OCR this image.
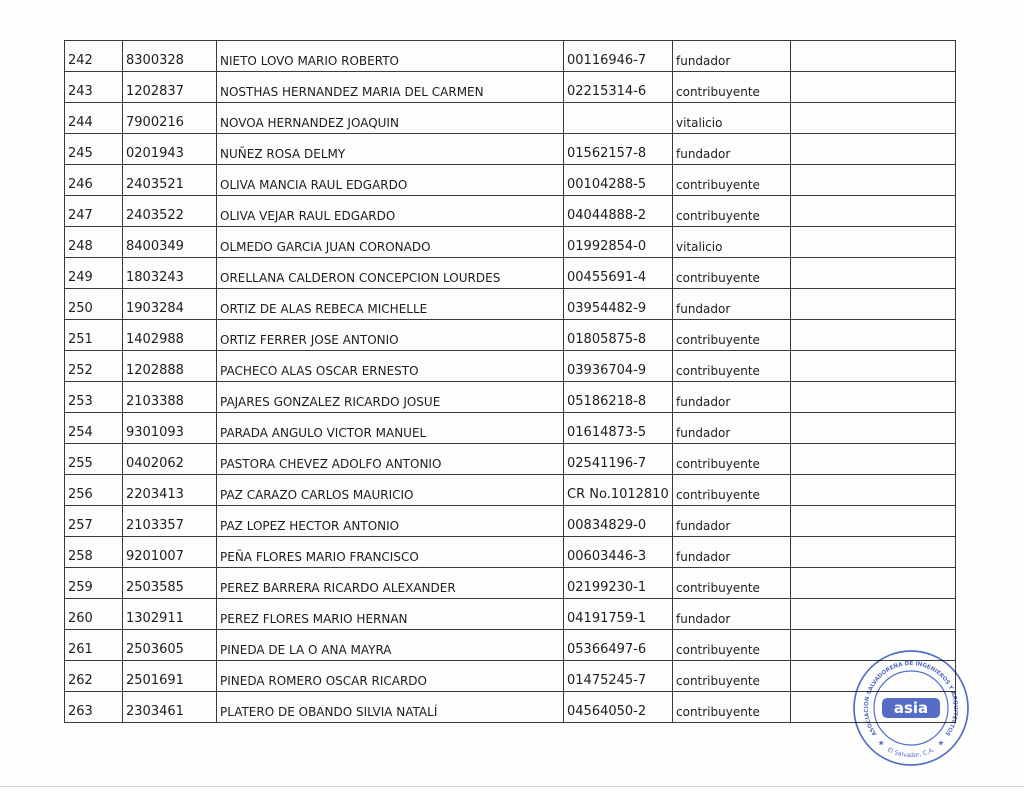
242	8300328	NIETO LOVO MARIO ROBERTO	00116946-7	fundador	
243	1202837	NOSTHAS HERNANDEZ MARIA DEL CARMEN	02215314-6	contribuyente	
244	7900216	NOVOA HERNANDEZ JOAQUIN		vitalicio	
245	0201943	NUÑEZ ROSA DELMY	01562157-8	fundador	
246	2403521	OLIVA MANCIA RAUL EDGARDO	00104288-5	contribuyente	
247	2403522	OLIVA VEJAR RAUL EDGARDO	04044888-2	contribuyente	
248	8400349	OLMEDO GARCIA JUAN CORONADO	01992854-0	vitalicio	
249	1803243	ORELLANA CALDERON CONCEPCION LOURDES	00455691-4	contribuyente	
250	1903284	ORTIZ DE ALAS REBECA MICHELLE	03954482-9	fundador	
251	1402988	ORTIZ FERRER JOSE ANTONIO	01805875-8	contribuyente	
252	1202888	PACHECO ALAS OSCAR ERNESTO	03936704-9	contribuyente	
253	2103388	PAJARES GONZALEZ RICARDO JOSUE	05186218-8	fundador	
254	9301093	PARADA ANGULO VICTOR MANUEL	01614873-5	fundador	
255	0402062	PASTORA CHEVEZ ADOLFO ANTONIO	02541196-7	contribuyente	
256	2203413	PAZ CARAZO CARLOS MAURICIO	CR No.1012810	contribuyente	
257	2103357	PAZ LOPEZ HECTOR ANTONIO	00834829-0	fundador	
258	9201007	PEÑA FLORES MARIO FRANCISCO	00603446-3	fundador	
259	2503585	PEREZ BARRERA RICARDO ALEXANDER	02199230-1	contribuyente	
260	1302911	PEREZ FLORES MARIO HERNAN	04191759-1	fundador	
261	2503605	PINEDA DE LA O ANA MAYRA	05366497-6	contribuyente	
262	2501691	PINEDA ROMERO OSCAR RICARDO	01475245-7	contribuyente	
263	2303461	PLATERO DE OBANDO SILVIA NATALÍ	04564050-2	contribuyente	
ASOCIACION SALVADOREÑA DE INGENIEROS Y ARQUITECTOS
El Salvador, C.A.
asia
